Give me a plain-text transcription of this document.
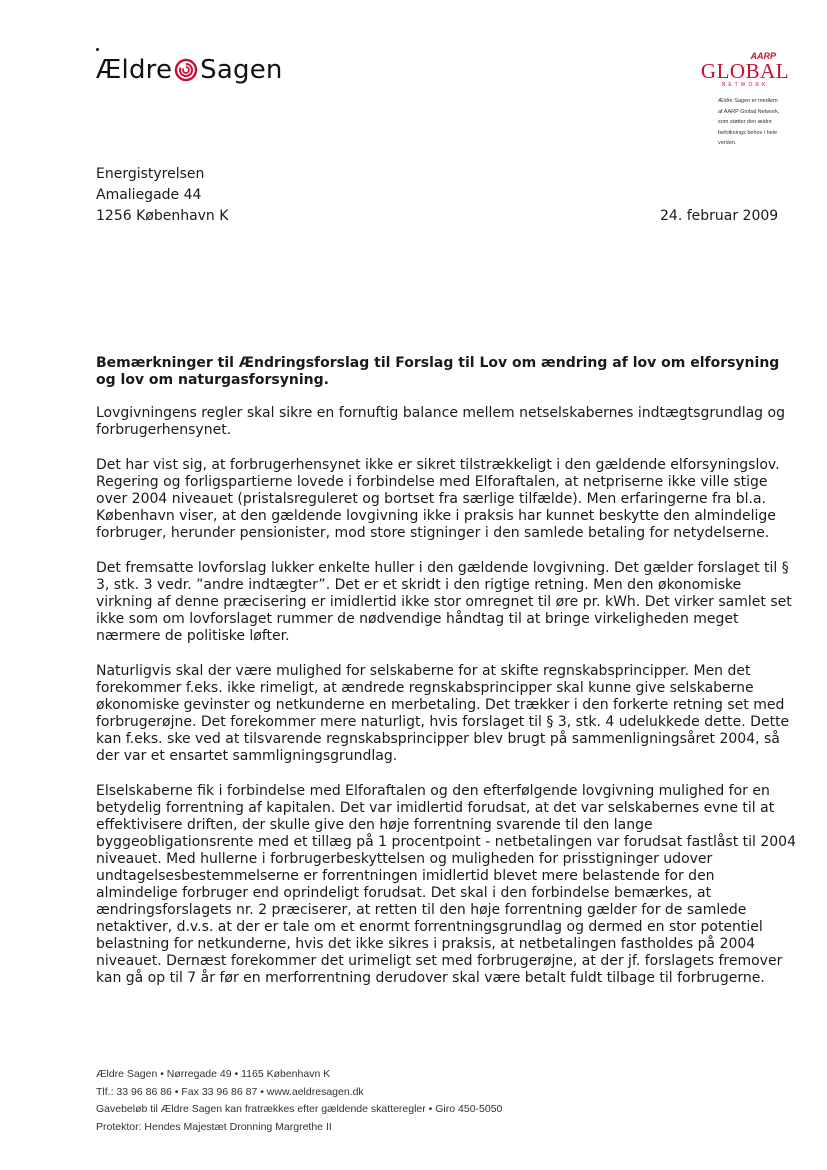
Ældre Sagen	AARP
GLOBAL
NETWORK
Ældre Sagen er medlem
af AARP Global Network,
som støtter den ældre
befolknings behov i hele
verden.
Energistyrelsen
Amaliegade 44
1256 København K	24. februar 2009
Bemærkninger til Ændringsforslag til Forslag til Lov om ændring af lov om elforsyning og lov om naturgasforsyning.

Lovgivningens regler skal sikre en fornuftig balance mellem netselskabernes indtægtsgrundlag og forbrugerhensynet.

Det har vist sig, at forbrugerhensynet ikke er sikret tilstrækkeligt i den gældende elforsyningslov. Regering og forligspartierne lovede i forbindelse med Elforaftalen, at netpriserne ikke ville stige over 2004 niveauet (pristalsreguleret og bortset fra særlige tilfælde). Men erfaringerne fra bl.a. København viser, at den gældende lovgivning ikke i praksis har kunnet beskytte den almindelige forbruger, herunder pensionister, mod store stigninger i den samlede betaling for netydelserne.

Det fremsatte lovforslag lukker enkelte huller i den gældende lovgivning. Det gælder forslaget til § 3, stk. 3 vedr. ”andre indtægter”. Det er et skridt i den rigtige retning. Men den økonomiske virkning af denne præcisering er imidlertid ikke stor omregnet til øre pr. kWh. Det virker samlet set ikke som om lovforslaget rummer de nødvendige håndtag til at bringe virkeligheden meget nærmere de politiske løfter.

Naturligvis skal der være mulighed for selskaberne for at skifte regnskabsprincipper. Men det forekommer f.eks. ikke rimeligt, at ændrede regnskabsprincipper skal kunne give selskaberne økonomiske gevinster og netkunderne en merbetaling. Det trækker i den forkerte retning set med forbrugerøjne. Det forekommer mere naturligt, hvis forslaget til § 3, stk. 4 udelukkede dette. Dette kan f.eks. ske ved at tilsvarende regnskabsprincipper blev brugt på sammenligningsåret 2004, så der var et ensartet sammligningsgrundlag.

Elselskaberne fik i forbindelse med Elforaftalen og den efterfølgende lovgivning mulighed for en betydelig forrentning af kapitalen. Det var imidlertid forudsat, at det var selskabernes evne til at effektivisere driften, der skulle give den høje forrentning svarende til den lange byggeobligationsrente med et tillæg på 1 procentpoint - netbetalingen var forudsat fastlåst til 2004 niveauet. Med hullerne i forbrugerbeskyttelsen og muligheden for prisstigninger udover undtagelsesbestemmelserne er forrentningen imidlertid blevet mere belastende for den almindelige forbruger end oprindeligt forudsat. Det skal i den forbindelse bemærkes, at ændringsforslagets nr. 2 præciserer, at retten til den høje forrentning gælder for de samlede netaktiver, d.v.s. at der er tale om et enormt forrentningsgrundlag og dermed en stor potentiel belastning for netkunderne, hvis det ikke sikres i praksis, at netbetalingen fastholdes på 2004 niveauet. Dernæst forekommer det urimeligt set med forbrugerøjne, at der jf. forslagets fremover kan gå op til 7 år før en merforrentning derudover skal være betalt fuldt tilbage til forbrugerne.

Ældre Sagen • Nørregade 49 • 1165 København K
Tlf.: 33 96 86 86 • Fax 33 96 86 87 • www.aeldresagen.dk
Gavebeløb til Ældre Sagen kan fratrækkes efter gældende skatteregler • Giro 450-5050
Protektor: Hendes Majestæt Dronning Margrethe II
